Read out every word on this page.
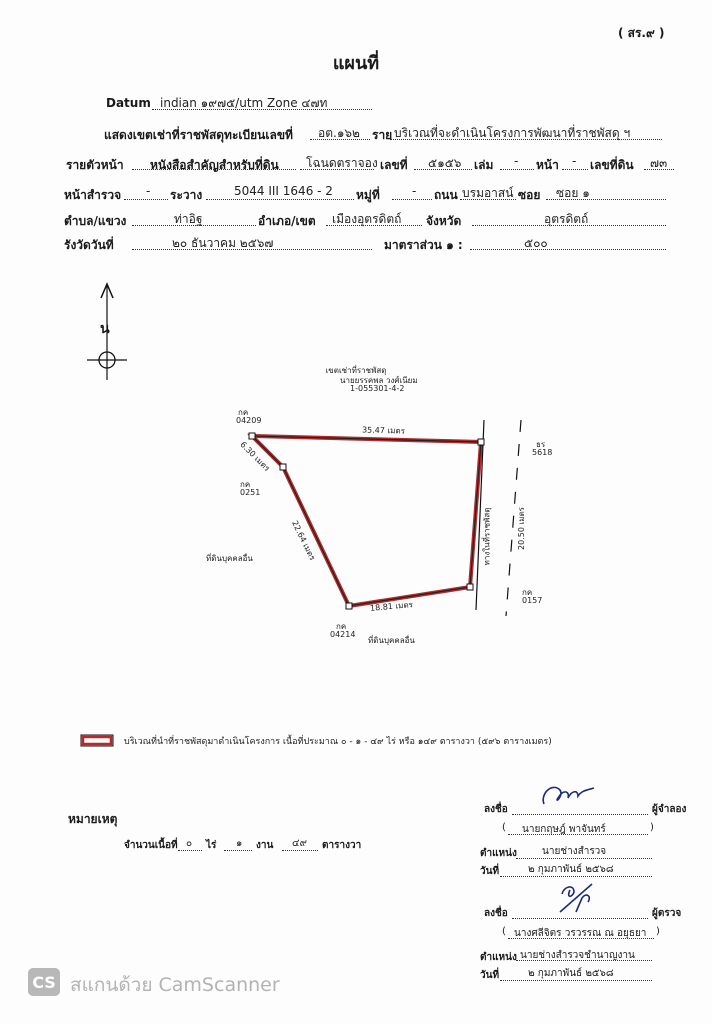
( สร.๙ )
แผนที่
Datum indian ๑๙๗๕/utm Zone ๔๗ท
แสดงเขตเช่าที่ราชพัสดุทะเบียนเลขที่ อต.๑๖๒ ราย บริเวณที่จะดำเนินโครงการพัฒนาที่ราชพัสดุ ฯ
รายตัวหน้า หนังสือสำคัญสำหรับที่ดิน โฉนดตราจอง เลขที่ ๕๑๕๖ เล่ม - หน้า - เลขที่ดิน ๗๓
หน้าสำรวจ - ระวาง	5044 III 1646 - 2 หมู่ที่	- ถนน บรมอาสน์ ซอย ซอย ๑
ตำบล/แขวง	ท่าอิฐ	อำเภอ/เขต เมืองอุตรดิตถ์ จังหวัด	อุตรดิตถ์
รังวัดวันที่	๒๐ ธันวาคม ๒๕๖๗	มาตราส่วน ๑ :	๕๐๐
น
เขตเช่าที่ราชพัสดุ
นายยรรคพล วงศ์เนียม
1-055301-4-2
กค
04209
กค
0251
กค
04214
กค
0157
ธร
5618
35.47 เมตร
6.30 เมตร
22.64 เมตร
18.81 เมตร
20.50 เมตร
ทางในที่ราชพัสดุ
ที่ดินบุคคลอื่น
ที่ดินบุคคลอื่น
บริเวณที่นำที่ราชพัสดุมาดำเนินโครงการ เนื้อที่ประมาณ ๐ - ๑ - ๔๙ ไร่ หรือ ๑๔๙ ตารางวา (๕๙๖ ตารางเมตร)
หมายเหตุ
จำนวนเนื้อที่ ๐ ไร่ ๑ งาน ๔๙ ตารางวา
ลงชื่อ	ผู้จำลอง
( นายกฤษฎ์ พาจันทร์	)
ตำแหน่ง	นายช่างสำรวจ
วันที่	๒ กุมภาพันธ์ ๒๕๖๘
ลงชื่อ	ผู้ตรวจ
( นางศลีจิตร วรวรรณ ณ อยุธยา )
ตำแหน่ง นายช่างสำรวจชำนาญงาน
วันที่	๒ กุมภาพันธ์ ๒๕๖๘
CS สแกนด้วย CamScanner
